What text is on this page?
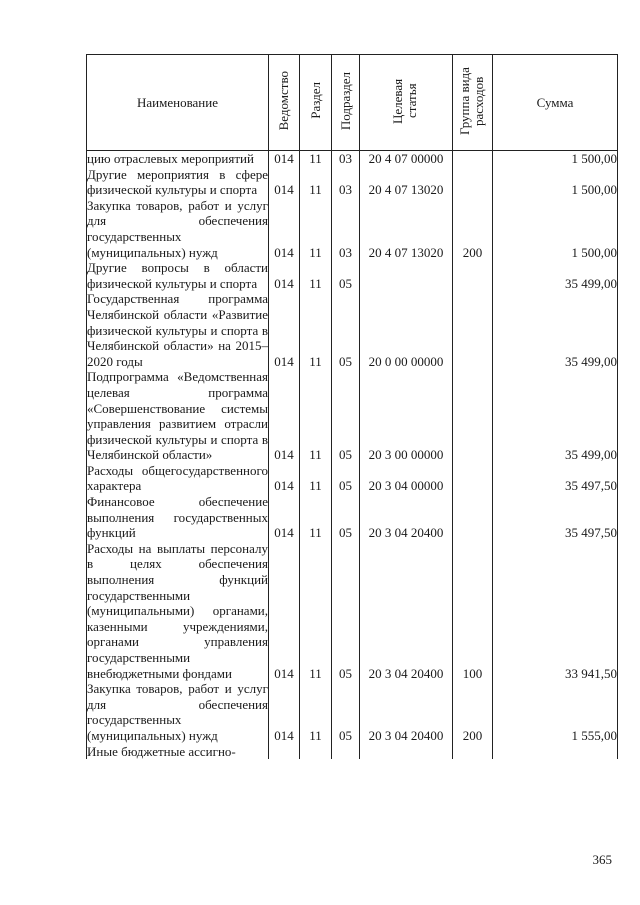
Наименование	Ведомство	Раздел	Подраздел	Целевая статья	Группа вида расходов	Сумма
цию отраслевых мероприятий	014	11	03	20 4 07 00000		1 500,00
Другие мероприятия в сфере физической культуры и спорта	014	11	03	20 4 07 13020		1 500,00
Закупка товаров, работ и услуг для обеспечения государственных (муниципальных) нужд	014	11	03	20 4 07 13020	200	1 500,00
Другие вопросы в области физической культуры и спорта	014	11	05			35 499,00
Государственная программа Челябинской области «Развитие физической культуры и спорта в Челябинской области» на 2015–2020 годы	014	11	05	20 0 00 00000		35 499,00
Подпрограмма «Ведомственная целевая программа «Совершенствование системы управления развитием отрасли физической культуры и спорта в Челябинской области»	014	11	05	20 3 00 00000		35 499,00
Расходы общегосударственного характера	014	11	05	20 3 04 00000		35 497,50
Финансовое обеспечение выполнения государственных функций	014	11	05	20 3 04 20400		35 497,50
Расходы на выплаты персоналу в целях обеспечения выполнения функций государственными (муниципальными) органами, казенными учреждениями, органами управления государственными внебюджетными фондами	014	11	05	20 3 04 20400	100	33 941,50
Закупка товаров, работ и услуг для обеспечения государственных (муниципальных) нужд	014	11	05	20 3 04 20400	200	1 555,00
Иные бюджетные ассигно-						
365
